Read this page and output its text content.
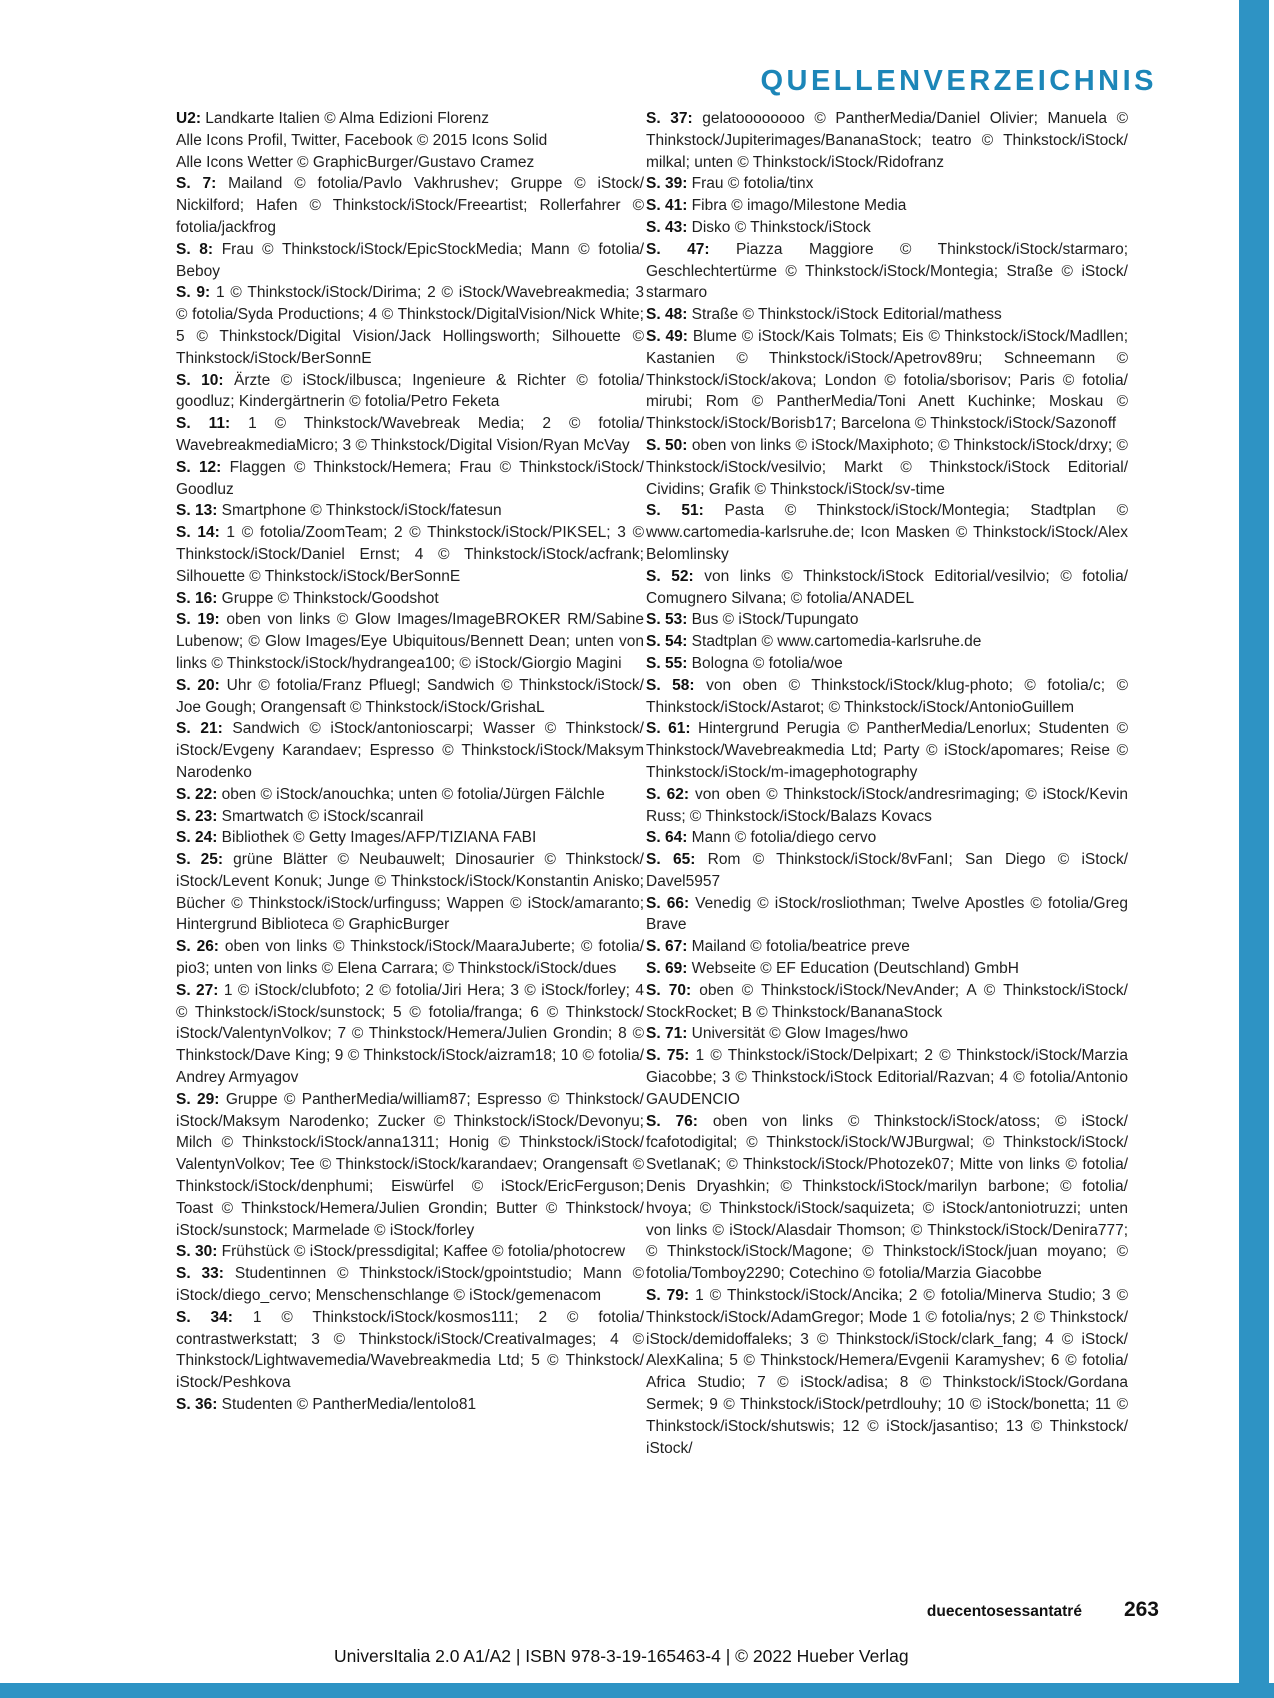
QUELLENVERZEICHNIS

U2: Landkarte Italien © Alma Edizioni Florenz

Alle Icons Profil, Twitter, Facebook © 2015 Icons Solid

Alle Icons Wetter © GraphicBurger/​Gustavo Cramez

S. 7: Mailand © fotolia/​Pavlo Vakhrushev; Gruppe © iStock/​Nickilford; Hafen © Thinkstock/​iStock/​Freeartist; Rollerfahrer © fotolia/​jackfrog

S. 8: Frau © Thinkstock/​iStock/​EpicStockMedia; Mann © fotolia/​Beboy

S. 9: 1 © Thinkstock/​iStock/​Dirima; 2 © iStock/​Wavebreakmedia; 3 © fotolia/​Syda Productions; 4 © Thinkstock/​DigitalVision/​Nick White; 5 © Thinkstock/​Digital Vision/​Jack Hollingsworth; Silhouette © Thinkstock/​iStock/​BerSonnE

S. 10: Ärzte © iStock/​ilbusca; Ingenieure & Richter © fotolia/​goodluz; Kindergärtnerin © fotolia/​Petro Feketa

S. 11: 1 © Thinkstock/​Wavebreak Media; 2 © fotolia/​WavebreakmediaMicro; 3 © Thinkstock/​Digital Vision/​Ryan McVay

S. 12: Flaggen © Thinkstock/​Hemera; Frau © Thinkstock/​iStock/​Goodluz

S. 13: Smartphone © Thinkstock/​iStock/​fatesun

S. 14: 1 © fotolia/​ZoomTeam; 2 © Thinkstock/​iStock/​PIKSEL; 3 © Thinkstock/​iStock/​Daniel Ernst; 4 © Thinkstock/​iStock/​acfrank; Silhouette © Thinkstock/​iStock/​BerSonnE

S. 16: Gruppe © Thinkstock/​Goodshot

S. 19: oben von links © Glow Images/​ImageBROKER RM/​Sabine Lubenow; © Glow Images/​Eye Ubiquitous/​Bennett Dean; unten von links © Thinkstock/​iStock/​hydrangea100; © iStock/​Giorgio Magini

S. 20: Uhr © fotolia/​Franz Pfluegl; Sandwich © Thinkstock/​iStock/​Joe Gough; Orangensaft © Thinkstock/​iStock/​GrishaL

S. 21: Sandwich © iStock/​antonioscarpi; Wasser © Thinkstock/​iStock/​Evgeny Karandaev; Espresso © Thinkstock/​iStock/​Maksym Narodenko

S. 22: oben © iStock/​anouchka; unten © fotolia/​Jürgen Fälchle

S. 23: Smartwatch © iStock/​scanrail

S. 24: Bibliothek © Getty Images/​AFP/​TIZIANA FABI

S. 25: grüne Blätter © Neubauwelt; Dinosaurier © Thinkstock/​iStock/​Levent Konuk; Junge © Thinkstock/​iStock/​Konstantin Anisko; Bücher © Thinkstock/​iStock/​urfinguss; Wappen © iStock/​amaranto; Hintergrund Biblioteca © GraphicBurger

S. 26: oben von links © Thinkstock/​iStock/​MaaraJuberte; © fotolia/​pio3; unten von links © Elena Carrara; © Thinkstock/​iStock/​dues

S. 27: 1 © iStock/​clubfoto; 2 © fotolia/​Jiri Hera; 3 © iStock/​forley; 4 © Thinkstock/​iStock/​sunstock; 5 © fotolia/​franga; 6 © Thinkstock/​iStock/​ValentynVolkov; 7 © Thinkstock/​Hemera/​Julien Grondin; 8 © Thinkstock/​Dave King; 9 © Thinkstock/​iStock/​aizram18; 10 © fotolia/​Andrey Armyagov

S. 29: Gruppe © PantherMedia/​william87; Espresso © Thinkstock/​iStock/​Maksym Narodenko; Zucker © Thinkstock/​iStock/​Devonyu; Milch © Thinkstock/​iStock/​anna1311; Honig © Thinkstock/​iStock/​ValentynVolkov; Tee © Thinkstock/​iStock/​karandaev; Orangensaft © Thinkstock/​iStock/​denphumi; Eiswürfel © iStock/​EricFerguson; Toast © Thinkstock/​Hemera/​Julien Grondin; Butter © Thinkstock/​iStock/​sunstock; Marmelade © iStock/​forley

S. 30: Frühstück © iStock/​pressdigital; Kaffee © fotolia/​photocrew

S. 33: Studentinnen © Thinkstock/​iStock/​gpointstudio; Mann © iStock/​diego_cervo; Menschenschlange © iStock/​gemenacom

S. 34: 1 © Thinkstock/​iStock/​kosmos111; 2 © fotolia/​contrastwerkstatt; 3 © Thinkstock/​iStock/​CreativaImages; 4 © Thinkstock/​Lightwavemedia/​Wavebreakmedia Ltd; 5 © Thinkstock/​iStock/​Peshkova

S. 36: Studenten © PantherMedia/​lentolo81

S. 37: gelatoooooooo © PantherMedia/​Daniel Olivier; Manuela © Thinkstock/​Jupiterimages/​BananaStock; teatro © Thinkstock/​iStock/​milkal; unten © Thinkstock/​iStock/​Ridofranz

S. 39: Frau © fotolia/​tinx

S. 41: Fibra © imago/​Milestone Media

S. 43: Disko © Thinkstock/​iStock

S. 47: Piazza Maggiore © Thinkstock/​iStock/​starmaro; Geschlechtertürme © Thinkstock/​iStock/​Montegia; Straße © iStock/​starmaro

S. 48: Straße © Thinkstock/​iStock Editorial/​mathess

S. 49: Blume © iStock/​Kais Tolmats; Eis © Thinkstock/​iStock/​Madllen; Kastanien © Thinkstock/​iStock/​Apetrov89ru; Schneemann © Thinkstock/​iStock/​akova; London © fotolia/​sborisov; Paris © fotolia/​mirubi; Rom © PantherMedia/​Toni Anett Kuchinke; Moskau © Thinkstock/​iStock/​Borisb17; Barcelona © Thinkstock/​iStock/​Sazonoff

S. 50: oben von links © iStock/​Maxiphoto; © Thinkstock/​iStock/​drxy; © Thinkstock/​iStock/​vesilvio; Markt © Thinkstock/​iStock Editorial/​Cividins; Grafik © Thinkstock/​iStock/​sv-time

S. 51: Pasta © Thinkstock/​iStock/​Montegia; Stadtplan © www.cartomedia-karlsruhe.de; Icon Masken © Thinkstock/​iStock/​Alex Belomlinsky

S. 52: von links © Thinkstock/​iStock Editorial/​vesilvio; © fotolia/​Comugnero Silvana; © fotolia/​ANADEL

S. 53: Bus © iStock/​Tupungato

S. 54: Stadtplan © www.cartomedia-karlsruhe.de

S. 55: Bologna © fotolia/​woe

S. 58: von oben © Thinkstock/​iStock/​klug-photo; © fotolia/​c; © Thinkstock/​iStock/​Astarot; © Thinkstock/​iStock/​AntonioGuillem

S. 61: Hintergrund Perugia © PantherMedia/​Lenorlux; Studenten © Thinkstock/​Wavebreakmedia Ltd; Party © iStock/​apomares; Reise © Thinkstock/​iStock/​m-imagephotography

S. 62: von oben © Thinkstock/​iStock/​andresrimaging; © iStock/​Kevin Russ; © Thinkstock/​iStock/​Balazs Kovacs

S. 64: Mann © fotolia/​diego cervo

S. 65: Rom © Thinkstock/​iStock/​8vFanI; San Diego © iStock/​Davel5957

S. 66: Venedig © iStock/​rosliothman; Twelve Apostles © fotolia/​Greg Brave

S. 67: Mailand © fotolia/​beatrice preve

S. 69: Webseite © EF Education (Deutschland) GmbH

S. 70: oben © Thinkstock/​iStock/​NevAnder; A © Thinkstock/​iStock/​StockRocket; B © Thinkstock/​BananaStock

S. 71: Universität © Glow Images/​hwo

S. 75: 1 © Thinkstock/​iStock/​Delpixart; 2 © Thinkstock/​iStock/​Marzia Giacobbe; 3 © Thinkstock/​iStock Editorial/​Razvan; 4 © fotolia/​Antonio GAUDENCIO

S. 76: oben von links © Thinkstock/​iStock/​atoss; © iStock/​fcafotodigital; © Thinkstock/​iStock/​WJBurgwal; © Thinkstock/​iStock/​SvetlanaK; © Thinkstock/​iStock/​Photozek07; Mitte von links © fotolia/​Denis Dryashkin; © Thinkstock/​iStock/​marilyn barbone; © fotolia/​hvoya; © Thinkstock/​iStock/​saquizeta; © iStock/​antoniotruzzi; unten von links © iStock/​Alasdair Thomson; © Thinkstock/​iStock/​Denira777; © Thinkstock/​iStock/​Magone; © Thinkstock/​iStock/​juan moyano; © fotolia/​Tomboy2290; Cotechino © fotolia/​Marzia Giacobbe

S. 79: 1 © Thinkstock/​iStock/​Ancika; 2 © fotolia/​Minerva Studio; 3 © Thinkstock/​iStock/​AdamGregor; Mode 1 © fotolia/​nys; 2 © Thinkstock/​iStock/​demidoffaleks; 3 © Thinkstock/​iStock/​clark_fang; 4 © iStock/​AlexKalina; 5 © Thinkstock/​Hemera/​Evgenii Karamyshev; 6 © fotolia/​Africa Studio; 7 © iStock/​adisa; 8 © Thinkstock/​iStock/​Gordana Sermek; 9 © Thinkstock/​iStock/​petrdlouhy; 10 © iStock/​bonetta; 11 © Thinkstock/​iStock/​shutswis; 12 © iStock/​jasantiso; 13 © Thinkstock/​iStock/​

duecentosessantatré 263
UniversItalia 2.0 A1/A2 | ISBN 978-3-19-165463-4 | © 2022 Hueber Verlag
